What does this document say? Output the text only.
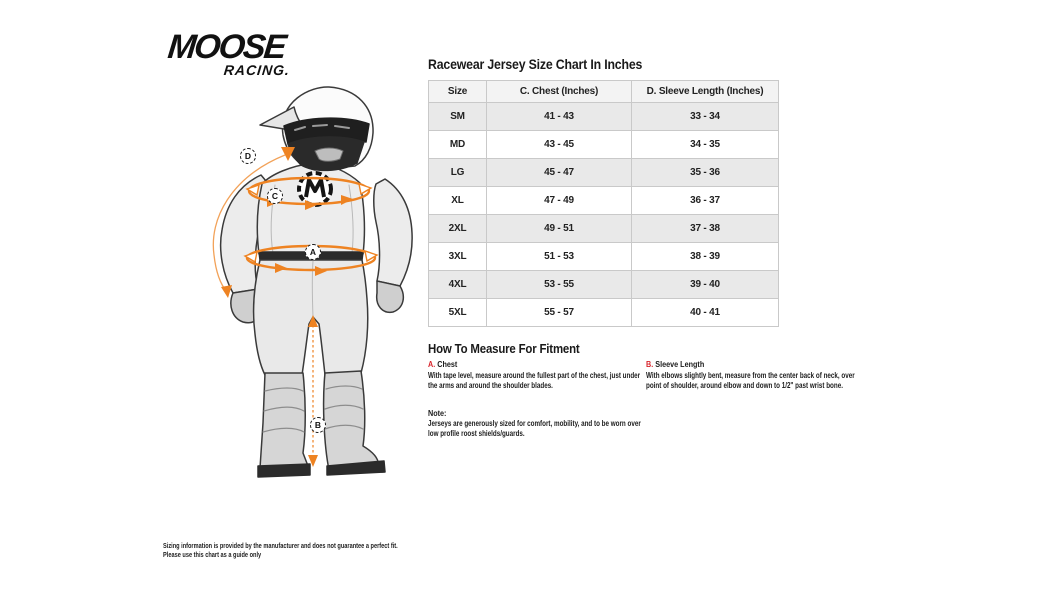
MOOSE
RACING.
D
C
A
B
Racewear Jersey Size Chart In Inches
Size	C. Chest (Inches)	D. Sleeve Length (Inches)
SM	41 - 43	33 - 34
MD	43 - 45	34 - 35
LG	45 - 47	35 - 36
XL	47 - 49	36 - 37
2XL	49 - 51	37 - 38
3XL	51 - 53	38 - 39
4XL	53 - 55	39 - 40
5XL	55 - 57	40 - 41
How To Measure For Fitment
A. Chest
With tape level, measure around the fullest part of the chest, just under the arms and around the shoulder blades.
B. Sleeve Length
With elbows slightly bent, measure from the center back of neck, over point of shoulder, around elbow and down to 1/2" past wrist bone.
Note:
Jerseys are generously sized for comfort, mobility, and to be worn over low profile roost shields/guards.
Sizing information is provided by the manufacturer and does not guarantee a perfect fit.
Please use this chart as a guide only
